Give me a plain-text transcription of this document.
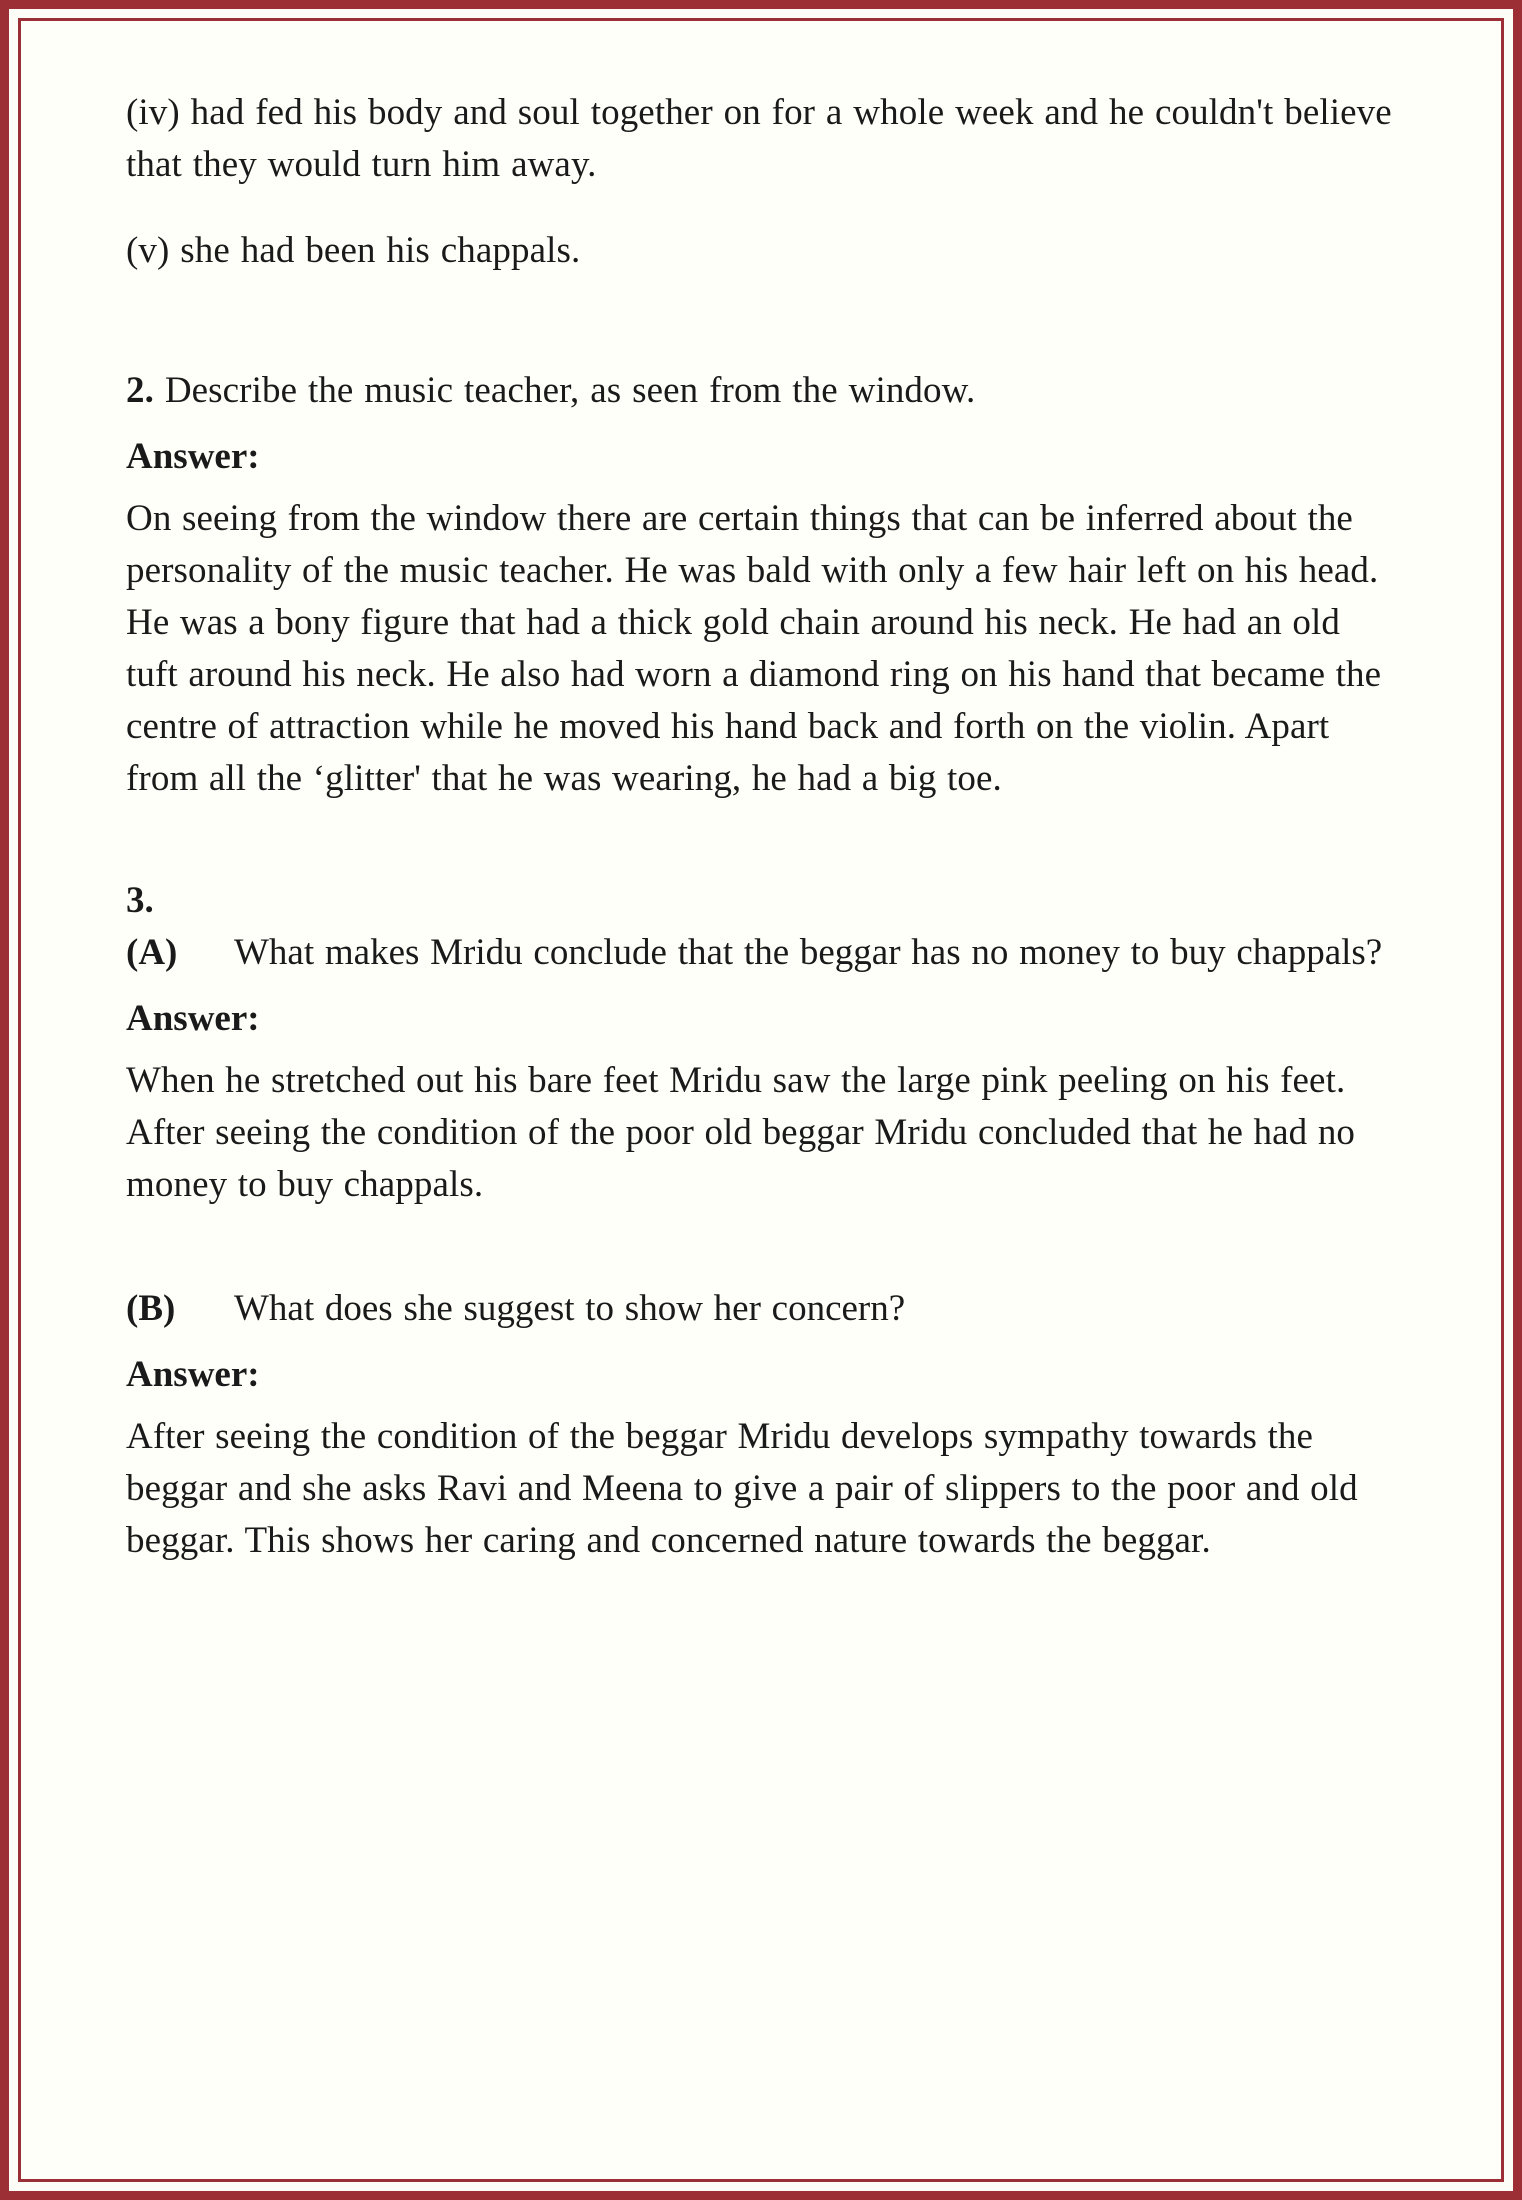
(iv) had fed his body and soul together on for a whole week and he couldn't believe that they would turn him away.

(v) she had been his chappals.

2. Describe the music teacher, as seen from the window.

Answer:

On seeing from the window there are certain things that can be inferred about the personality of the music teacher. He was bald with only a few hair left on his head. He was a bony figure that had a thick gold chain around his neck. He had an old tuft around his neck. He also had worn a diamond ring on his hand that became the centre of attraction while he moved his hand back and forth on the violin. Apart from all the ‘glitter' that he was wearing, he had a big toe.

3.

(A)	What makes Mridu conclude that the beggar has no money to buy chappals?

Answer:

When he stretched out his bare feet Mridu saw the large pink peeling on his feet. After seeing the condition of the poor old beggar Mridu concluded that he had no money to buy chappals.

(B)	What does she suggest to show her concern?

Answer:

After seeing the condition of the beggar Mridu develops sympathy towards the beggar and she asks Ravi and Meena to give a pair of slippers to the poor and old beggar. This shows her caring and concerned nature towards the beggar.
